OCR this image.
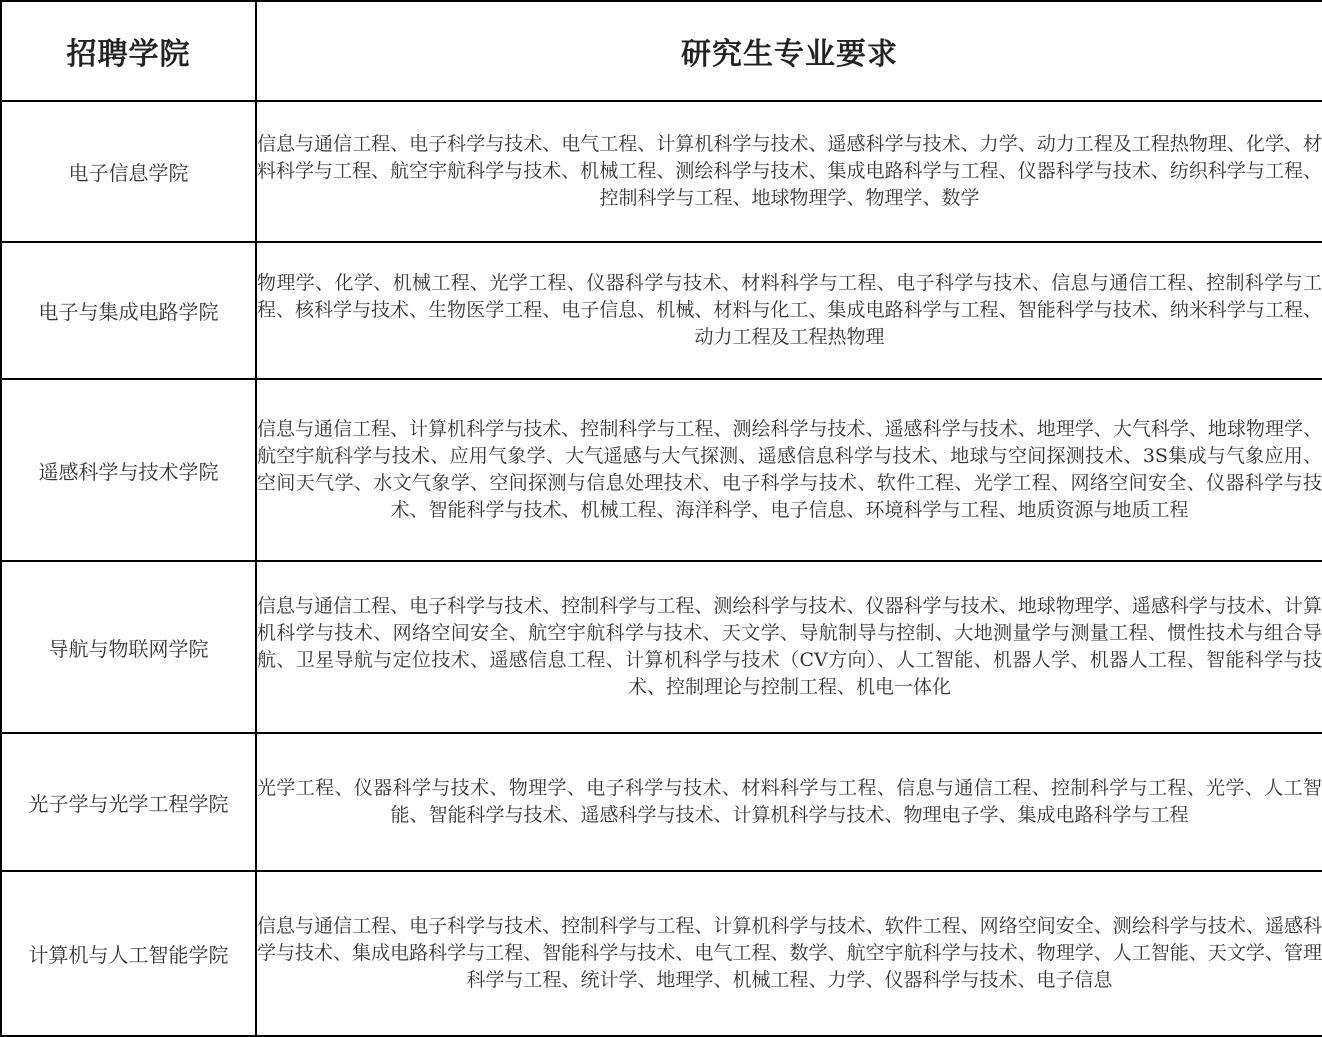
招聘学院	研究生专业要求
电子信息学院	信息与通信工程、电子科学与技术、电气工程、计算机科学与技术、遥感科学与技术、力学、动力工程及工程热物理、化学、材料科学与工程、航空宇航科学与技术、机械工程、测绘科学与技术、集成电路科学与工程、仪器科学与技术、纺织科学与工程、控制科学与工程、地球物理学、物理学、数学
电子与集成电路学院	物理学、化学、机械工程、光学工程、仪器科学与技术、材料科学与工程、电子科学与技术、信息与通信工程、控制科学与工程、核科学与技术、生物医学工程、电子信息、机械、材料与化工、集成电路科学与工程、智能科学与技术、纳米科学与工程、动力工程及工程热物理
遥感科学与技术学院	信息与通信工程、计算机科学与技术、控制科学与工程、测绘科学与技术、遥感科学与技术、地理学、大气科学、地球物理学、航空宇航科学与技术、应用气象学、大气遥感与大气探测、遥感信息科学与技术、地球与空间探测技术、3S集成与气象应用、空间天气学、水文气象学、空间探测与信息处理技术、电子科学与技术、软件工程、光学工程、网络空间安全、仪器科学与技术、智能科学与技术、机械工程、海洋科学、电子信息、环境科学与工程、地质资源与地质工程
导航与物联网学院	信息与通信工程、电子科学与技术、控制科学与工程、测绘科学与技术、仪器科学与技术、地球物理学、遥感科学与技术、计算机科学与技术、网络空间安全、航空宇航科学与技术、天文学、导航制导与控制、大地测量学与测量工程、惯性技术与组合导航、卫星导航与定位技术、遥感信息工程、计算机科学与技术（CV方向）、人工智能、机器人学、机器人工程、智能科学与技术、控制理论与控制工程、机电一体化
光子学与光学工程学院	光学工程、仪器科学与技术、物理学、电子科学与技术、材料科学与工程、信息与通信工程、控制科学与工程、光学、人工智能、智能科学与技术、遥感科学与技术、计算机科学与技术、物理电子学、集成电路科学与工程
计算机与人工智能学院	信息与通信工程、电子科学与技术、控制科学与工程、计算机科学与技术、软件工程、网络空间安全、测绘科学与技术、遥感科学与技术、集成电路科学与工程、智能科学与技术、电气工程、数学、航空宇航科学与技术、物理学、人工智能、天文学、管理科学与工程、统计学、地理学、机械工程、力学、仪器科学与技术、电子信息
